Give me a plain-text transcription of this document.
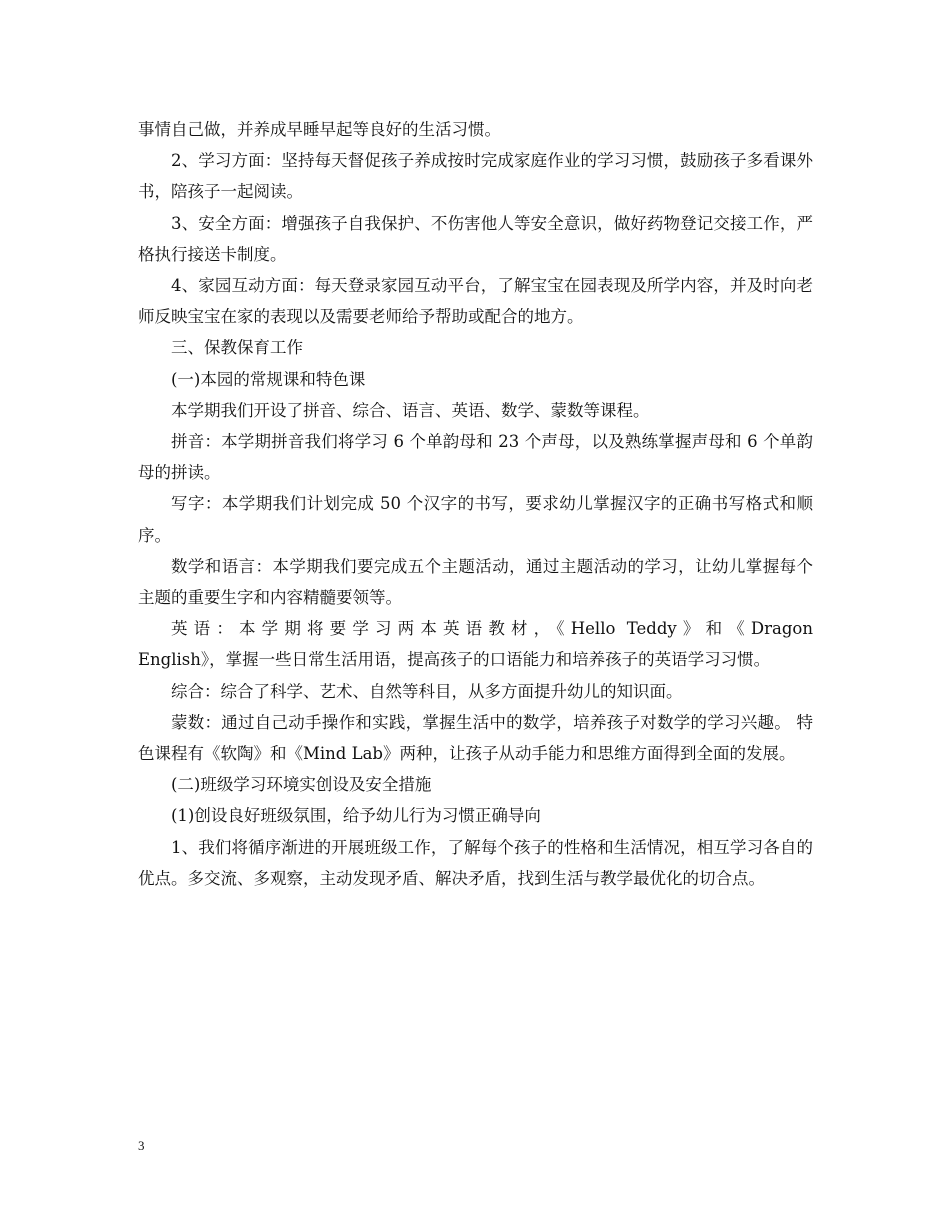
事情自己做，并养成早睡早起等良好的生活习惯。

2、学习方面：坚持每天督促孩子养成按时完成家庭作业的学习习惯，鼓励孩子多看课外书，陪孩子一起阅读。

3、安全方面：增强孩子自我保护、不伤害他人等安全意识，做好药物登记交接工作，严格执行接送卡制度。

4、家园互动方面：每天登录家园互动平台，了解宝宝在园表现及所学内容，并及时向老师反映宝宝在家的表现以及需要老师给予帮助或配合的地方。

三、保教保育工作

(一)本园的常规课和特色课

本学期我们开设了拼音、综合、语言、英语、数学、蒙数等课程。

拼音：本学期拼音我们将学习 6 个单韵母和 23 个声母，以及熟练掌握声母和 6 个单韵母的拼读。

写字：本学期我们计划完成 50 个汉字的书写，要求幼儿掌握汉字的正确书写格式和顺序。

数学和语言：本学期我们要完成五个主题活动，通过主题活动的学习，让幼儿掌握每个主题的重要生字和内容精髓要领等。

英语：本学期将要学习两本英语教材，《Hello Teddy》和《Dragon

English》，掌握一些日常生活用语，提高孩子的口语能力和培养孩子的英语学习习惯。

综合：综合了科学、艺术、自然等科目，从多方面提升幼儿的知识面。

蒙数：通过自己动手操作和实践，掌握生活中的数学，培养孩子对数学的学习兴趣。 特色课程有《软陶》和《Mind Lab》两种，让孩子从动手能力和思维方面得到全面的发展。

(二)班级学习环境实创设及安全措施

(1)创设良好班级氛围，给予幼儿行为习惯正确导向

1、我们将循序渐进的开展班级工作，了解每个孩子的性格和生活情况，相互学习各自的优点。多交流、多观察，主动发现矛盾、解决矛盾，找到生活与教学最优化的切合点。

3
